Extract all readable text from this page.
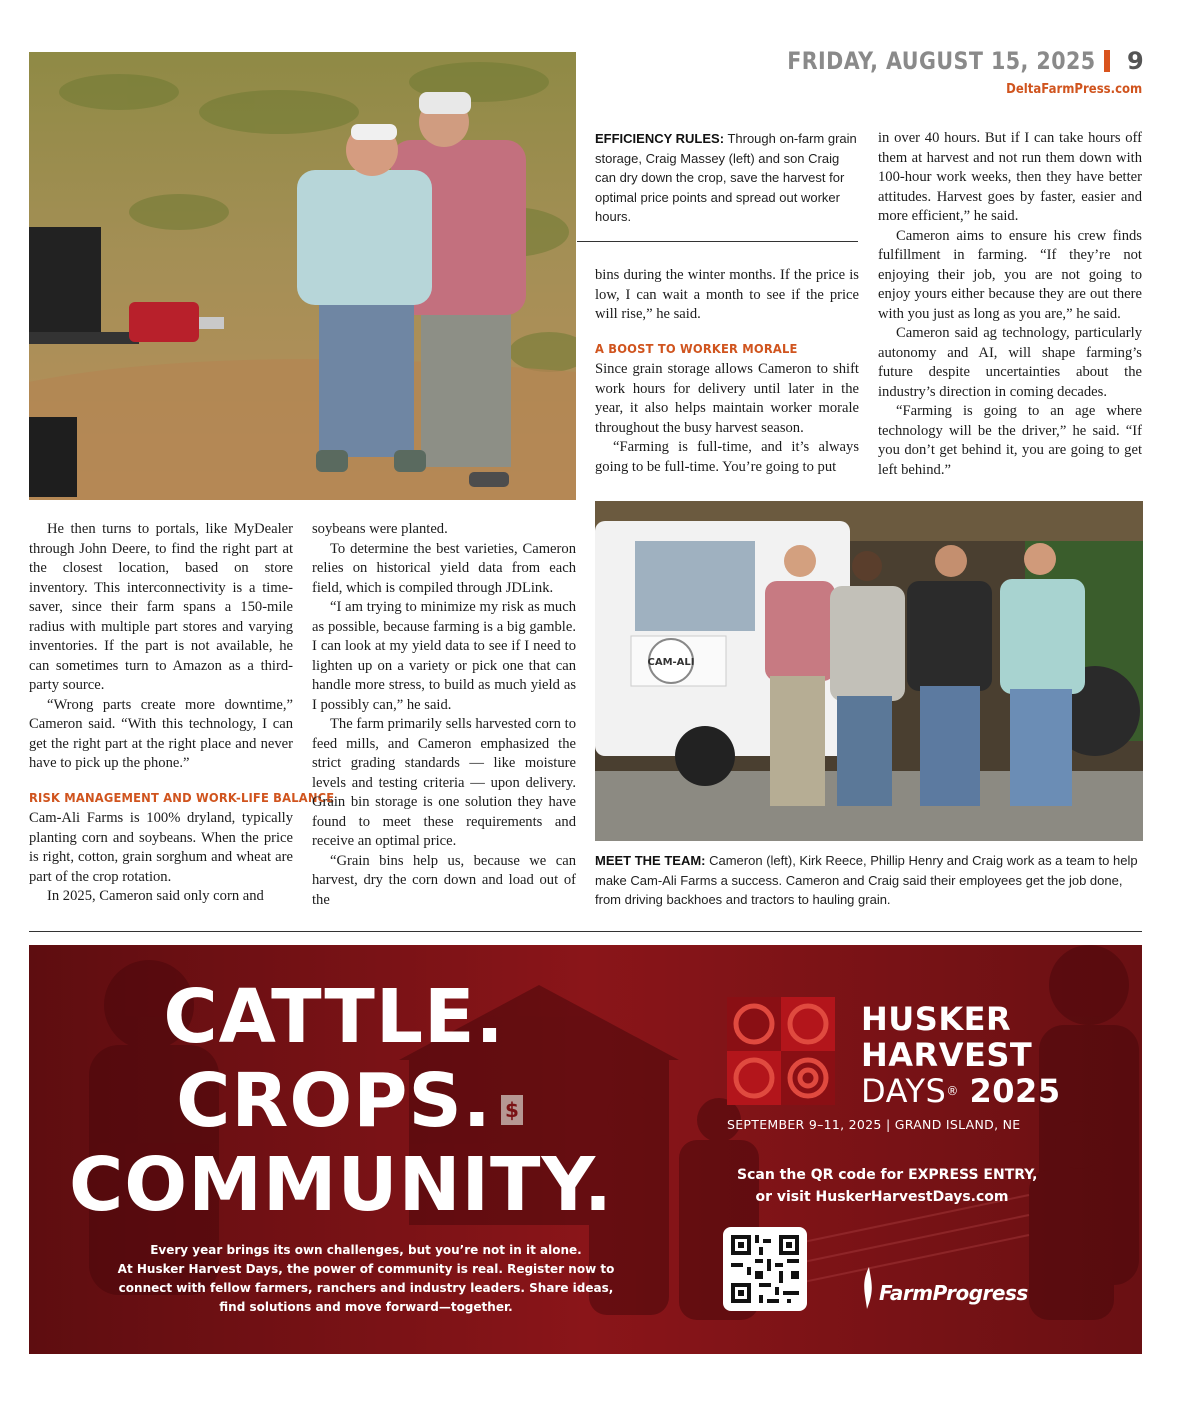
FRIDAY, AUGUST 15, 2025 9
DeltaFarmPress.com
EFFICIENCY RULES: Through on-farm grain storage, Craig Massey (left) and son Craig can dry down the crop, save the harvest for optimal price points and spread out worker hours.

bins during the winter months. If the price is low, I can wait a month to see if the price will rise,” he said.

A BOOST TO WORKER MORALE

Since grain storage allows Cameron to shift work hours for delivery until later in the year, it also helps maintain worker morale throughout the busy harvest season.

“Farming is full-time, and it’s always going to be full-time. You’re going to put

in over 40 hours. But if I can take hours off them at harvest and not run them down with 100-hour work weeks, then they have better attitudes. Harvest goes by faster, easier and more efficient,” he said.

Cameron aims to ensure his crew finds fulfillment in farming. “If they’re not enjoying their job, you are not going to enjoy yours either because they are out there with you just as long as you are,” he said.

Cameron said ag technology, particularly autonomy and AI, will shape farming’s future despite uncertainties about the industry’s direction in coming decades.

“Farming is going to an age where technology will be the driver,” he said. “If you don’t get behind it, you are going to get left behind.”

CAM-ALI
MEET THE TEAM: Cameron (left), Kirk Reece, Phillip Henry and Craig work as a team to help make Cam-Ali Farms a success. Cameron and Craig said their employees get the job done, from driving backhoes and tractors to hauling grain.

He then turns to portals, like MyDealer through John Deere, to find the right part at the closest location, based on store inventory. This interconnectivity is a time-saver, since their farm spans a 150-mile radius with multiple part stores and varying inventories. If the part is not available, he can sometimes turn to Amazon as a third-party source.

“Wrong parts create more downtime,” Cameron said. “With this technology, I can get the right part at the right place and never have to pick up the phone.”

RISK MANAGEMENT AND WORK-LIFE BALANCE

Cam-Ali Farms is 100% dryland, typically planting corn and soybeans. When the price is right, cotton, grain sorghum and wheat are part of the crop rotation.

In 2025, Cameron said only corn and

soybeans were planted.

To determine the best varieties, Cameron relies on historical yield data from each field, which is compiled through JDLink.

“I am trying to minimize my risk as much as possible, because farming is a big gamble. I can look at my yield data to see if I need to lighten up on a variety or pick one that can handle more stress, to build as much yield as I possibly can,” he said.

The farm primarily sells harvested corn to feed mills, and Cameron emphasized the strict grading standards — like moisture levels and testing criteria — upon delivery. Grain bin storage is one solution they have found to meet these requirements and receive an optimal price.

“Grain bins help us, because we can harvest, dry the corn down and load out of the

$
CATTLE.
CROPS.
COMMUNITY.
Every year brings its own challenges, but you’re not in it alone.
At Husker Harvest Days, the power of community is real. Register now to
connect with fellow farmers, ranchers and industry leaders. Share ideas,
find solutions and move forward—together.
HUSKER
HARVEST
DAYS® 2025
SEPTEMBER 9–11, 2025 | GRAND ISLAND, NE
Scan the QR code for EXPRESS ENTRY,
or visit HuskerHarvestDays.com
FarmProgress
